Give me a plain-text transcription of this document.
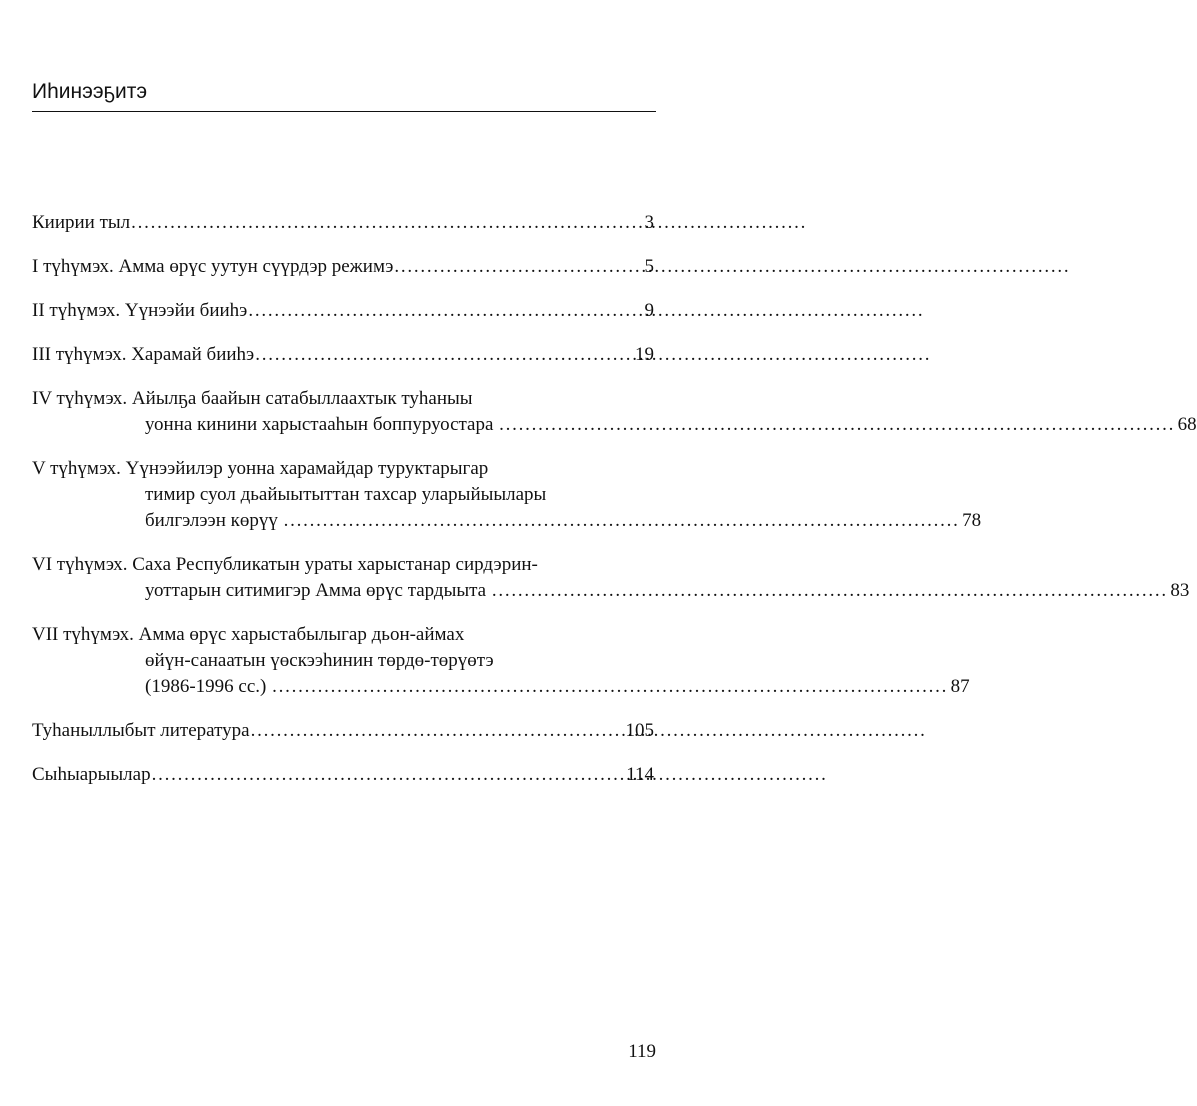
Иhинээҕитэ
Киирии тыл . . .	3
I түhүмэх. Амма өрүс уутун сүүрдэр режимэ . . .	5
II түhүмэх. Үүнээйи бииhэ . . .	9
III түhүмэх. Харамай бииhэ . . .	19
IV түhүмэх. Айылҕа баайын сатабыллаахтык туhаныы
уонна кинини харыстааhын боппуруостара . . .	68
V түhүмэх. Үүнээйилэр уонна харамайдар туруктарыгар
тимир суол дьайыытыттан тахсар уларыйыылары
билгэлээн көрүү . . .	78
VI түhүмэх. Саха Республикатын ураты харыстанар сирдэрин-
уоттарын ситимигэр Амма өрүс тардыыта . . .	83
VII түhүмэх. Амма өрүс харыстабылыгар дьон-аймах
өйүн-санаатын үөскээhинин төрдө-төрүөтэ
(1986-1996 сс.) . . .	87
Туhаныллыбыт литература . . .	105
Сыhыарыылар . . .	114
119
